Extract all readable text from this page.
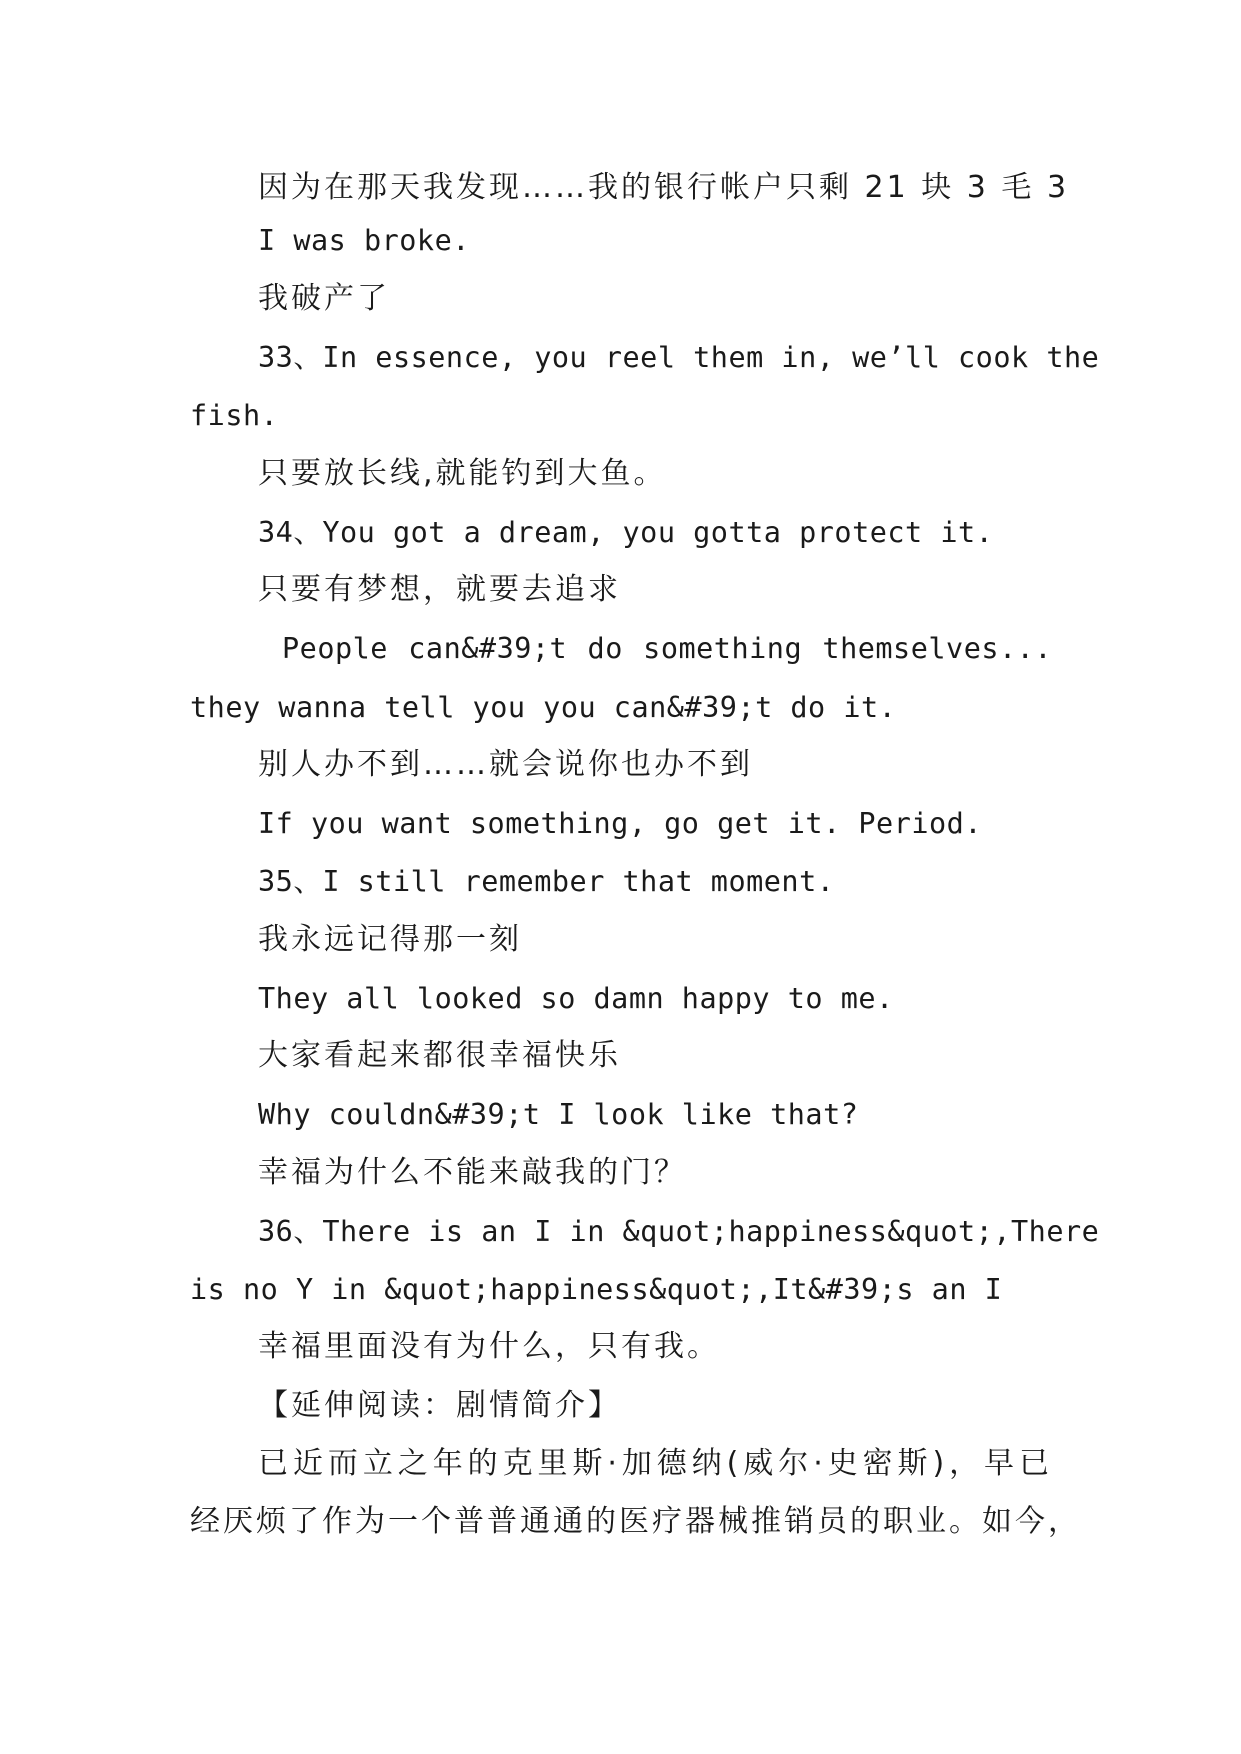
因为在那天我发现……我的银行帐户只剩 21 块 3 毛 3
I was broke.
我破产了
33、In essence, you reel them in, we’ll cook the
fish.
只要放长线,就能钓到大鱼。
34、You got a dream, you gotta protect it.
只要有梦想，就要去追求
People can&#39;t do something themselves...
they wanna tell you you can&#39;t do it.
别人办不到……就会说你也办不到
If you want something, go get it. Period.
35、I still remember that moment.
我永远记得那一刻
They all looked so damn happy to me.
大家看起来都很幸福快乐
Why couldn&#39;t I look like that?
幸福为什么不能来敲我的门？
36、There is an I in &quot;happiness&quot;,There
is no Y in &quot;happiness&quot;,It&#39;s an I
幸福里面没有为什么，只有我。
【延伸阅读：剧情简介】
已近而立之年的克里斯·加德纳(威尔·史密斯)，早已
经厌烦了作为一个普普通通的医疗器械推销员的职业。如今，
